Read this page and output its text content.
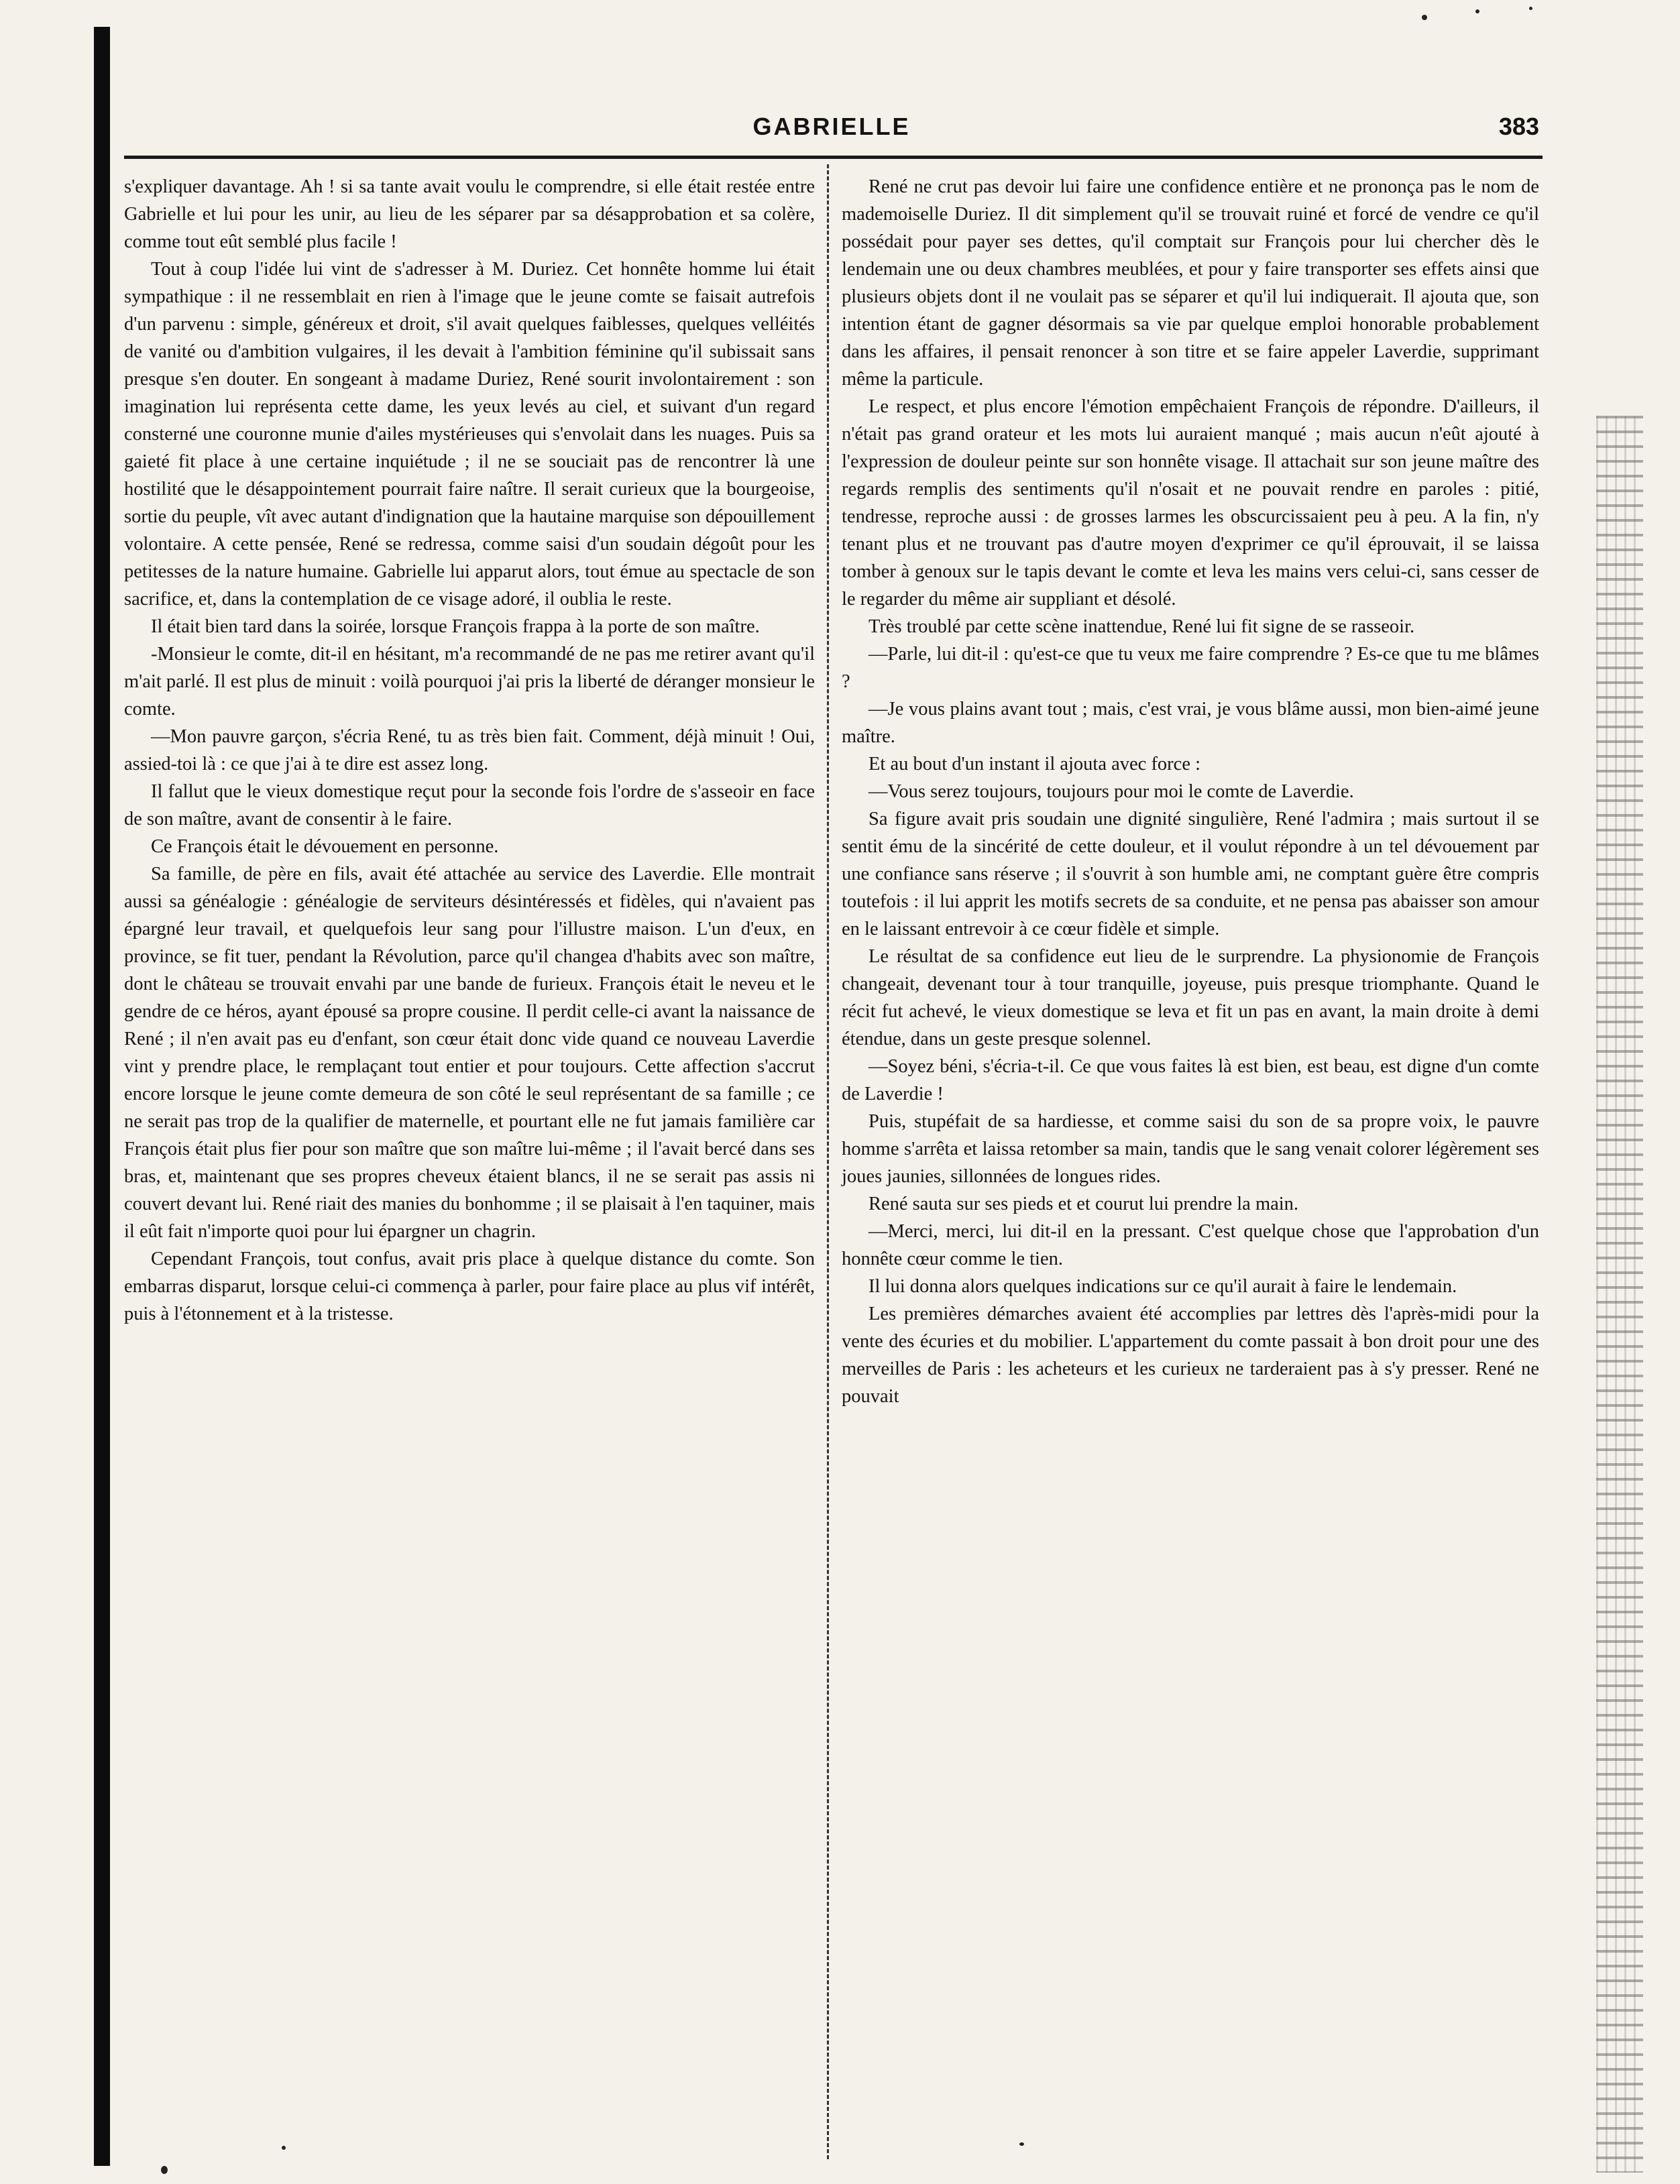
GABRIELLE	383

s'expliquer davantage. Ah ! si sa tante avait voulu le comprendre, si elle était restée entre Gabrielle et lui pour les unir, au lieu de les séparer par sa désapprobation et sa colère, comme tout eût semblé plus facile !

Tout à coup l'idée lui vint de s'adresser à M. Duriez. Cet honnête homme lui était sympathique : il ne ressemblait en rien à l'image que le jeune comte se faisait autrefois d'un parvenu : simple, généreux et droit, s'il avait quelques faiblesses, quelques velléités de vanité ou d'ambition vulgaires, il les devait à l'ambition féminine qu'il subissait sans presque s'en douter. En songeant à madame Duriez, René sourit involontairement : son imagination lui représenta cette dame, les yeux levés au ciel, et suivant d'un regard consterné une couronne munie d'ailes mystérieuses qui s'envolait dans les nuages. Puis sa gaieté fit place à une certaine inquiétude ; il ne se souciait pas de rencontrer là une hostilité que le désappointement pourrait faire naître. Il serait curieux que la bourgeoise, sortie du peuple, vît avec autant d'indignation que la hautaine marquise son dépouillement volontaire. A cette pensée, René se redressa, comme saisi d'un soudain dégoût pour les petitesses de la nature humaine. Gabrielle lui apparut alors, tout émue au spectacle de son sacrifice, et, dans la contemplation de ce visage adoré, il oublia le reste.

Il était bien tard dans la soirée, lorsque François frappa à la porte de son maître.

-Monsieur le comte, dit-il en hésitant, m'a recommandé de ne pas me retirer avant qu'il m'ait parlé. Il est plus de minuit : voilà pourquoi j'ai pris la liberté de déranger monsieur le comte.

—Mon pauvre garçon, s'écria René, tu as très bien fait. Comment, déjà minuit ! Oui, assied-toi là : ce que j'ai à te dire est assez long.

Il fallut que le vieux domestique reçut pour la seconde fois l'ordre de s'asseoir en face de son maître, avant de consentir à le faire.

Ce François était le dévouement en personne.

Sa famille, de père en fils, avait été attachée au service des Laverdie. Elle montrait aussi sa généalogie : généalogie de serviteurs désintéressés et fidèles, qui n'avaient pas épargné leur travail, et quelquefois leur sang pour l'illustre maison. L'un d'eux, en province, se fit tuer, pendant la Révolution, parce qu'il changea d'habits avec son maître, dont le château se trouvait envahi par une bande de furieux. François était le neveu et le gendre de ce héros, ayant épousé sa propre cousine. Il perdit celle-ci avant la naissance de René ; il n'en avait pas eu d'enfant, son cœur était donc vide quand ce nouveau Laverdie vint y prendre place, le remplaçant tout entier et pour toujours. Cette affection s'accrut encore lorsque le jeune comte demeura de son côté le seul représentant de sa famille ; ce ne serait pas trop de la qualifier de maternelle, et pourtant elle ne fut jamais familière car François était plus fier pour son maître que son maître lui-même ; il l'avait bercé dans ses bras, et, maintenant que ses propres cheveux étaient blancs, il ne se serait pas assis ni couvert devant lui. René riait des manies du bonhomme ; il se plaisait à l'en taquiner, mais il eût fait n'importe quoi pour lui épargner un chagrin.

Cependant François, tout confus, avait pris place à quelque distance du comte. Son embarras disparut, lorsque celui-ci commença à parler, pour faire place au plus vif intérêt, puis à l'étonnement et à la tristesse.

René ne crut pas devoir lui faire une confidence entière et ne prononça pas le nom de mademoiselle Duriez. Il dit simplement qu'il se trouvait ruiné et forcé de vendre ce qu'il possédait pour payer ses dettes, qu'il comptait sur François pour lui chercher dès le lendemain une ou deux chambres meublées, et pour y faire transporter ses effets ainsi que plusieurs objets dont il ne voulait pas se séparer et qu'il lui indiquerait. Il ajouta que, son intention étant de gagner désormais sa vie par quelque emploi honorable probablement dans les affaires, il pensait renoncer à son titre et se faire appeler Laverdie, supprimant même la particule.

Le respect, et plus encore l'émotion empêchaient François de répondre. D'ailleurs, il n'était pas grand orateur et les mots lui auraient manqué ; mais aucun n'eût ajouté à l'expression de douleur peinte sur son honnête visage. Il attachait sur son jeune maître des regards remplis des sentiments qu'il n'osait et ne pouvait rendre en paroles : pitié, tendresse, reproche aussi : de grosses larmes les obscurcissaient peu à peu. A la fin, n'y tenant plus et ne trouvant pas d'autre moyen d'exprimer ce qu'il éprouvait, il se laissa tomber à genoux sur le tapis devant le comte et leva les mains vers celui-ci, sans cesser de le regarder du même air suppliant et désolé.

Très troublé par cette scène inattendue, René lui fit signe de se rasseoir.

—Parle, lui dit-il : qu'est-ce que tu veux me faire comprendre ? Es-ce que tu me blâmes ?

—Je vous plains avant tout ; mais, c'est vrai, je vous blâme aussi, mon bien-aimé jeune maître.

Et au bout d'un instant il ajouta avec force :

—Vous serez toujours, toujours pour moi le comte de Laverdie.

Sa figure avait pris soudain une dignité singulière, René l'admira ; mais surtout il se sentit ému de la sincérité de cette douleur, et il voulut répondre à un tel dévouement par une confiance sans réserve ; il s'ouvrit à son humble ami, ne comptant guère être compris toutefois : il lui apprit les motifs secrets de sa conduite, et ne pensa pas abaisser son amour en le laissant entrevoir à ce cœur fidèle et simple.

Le résultat de sa confidence eut lieu de le surprendre. La physionomie de François changeait, devenant tour à tour tranquille, joyeuse, puis presque triomphante. Quand le récit fut achevé, le vieux domestique se leva et fit un pas en avant, la main droite à demi étendue, dans un geste presque solennel.

—Soyez béni, s'écria-t-il. Ce que vous faites là est bien, est beau, est digne d'un comte de Laverdie !

Puis, stupéfait de sa hardiesse, et comme saisi du son de sa propre voix, le pauvre homme s'arrêta et laissa retomber sa main, tandis que le sang venait colorer légèrement ses joues jaunies, sillonnées de longues rides.

René sauta sur ses pieds et et courut lui prendre la main.

—Merci, merci, lui dit-il en la pressant. C'est quelque chose que l'approbation d'un honnête cœur comme le tien.

Il lui donna alors quelques indications sur ce qu'il aurait à faire le lendemain.

Les premières démarches avaient été accomplies par lettres dès l'après-midi pour la vente des écuries et du mobilier. L'appartement du comte passait à bon droit pour une des merveilles de Paris : les acheteurs et les curieux ne tarderaient pas à s'y presser. René ne pouvait
